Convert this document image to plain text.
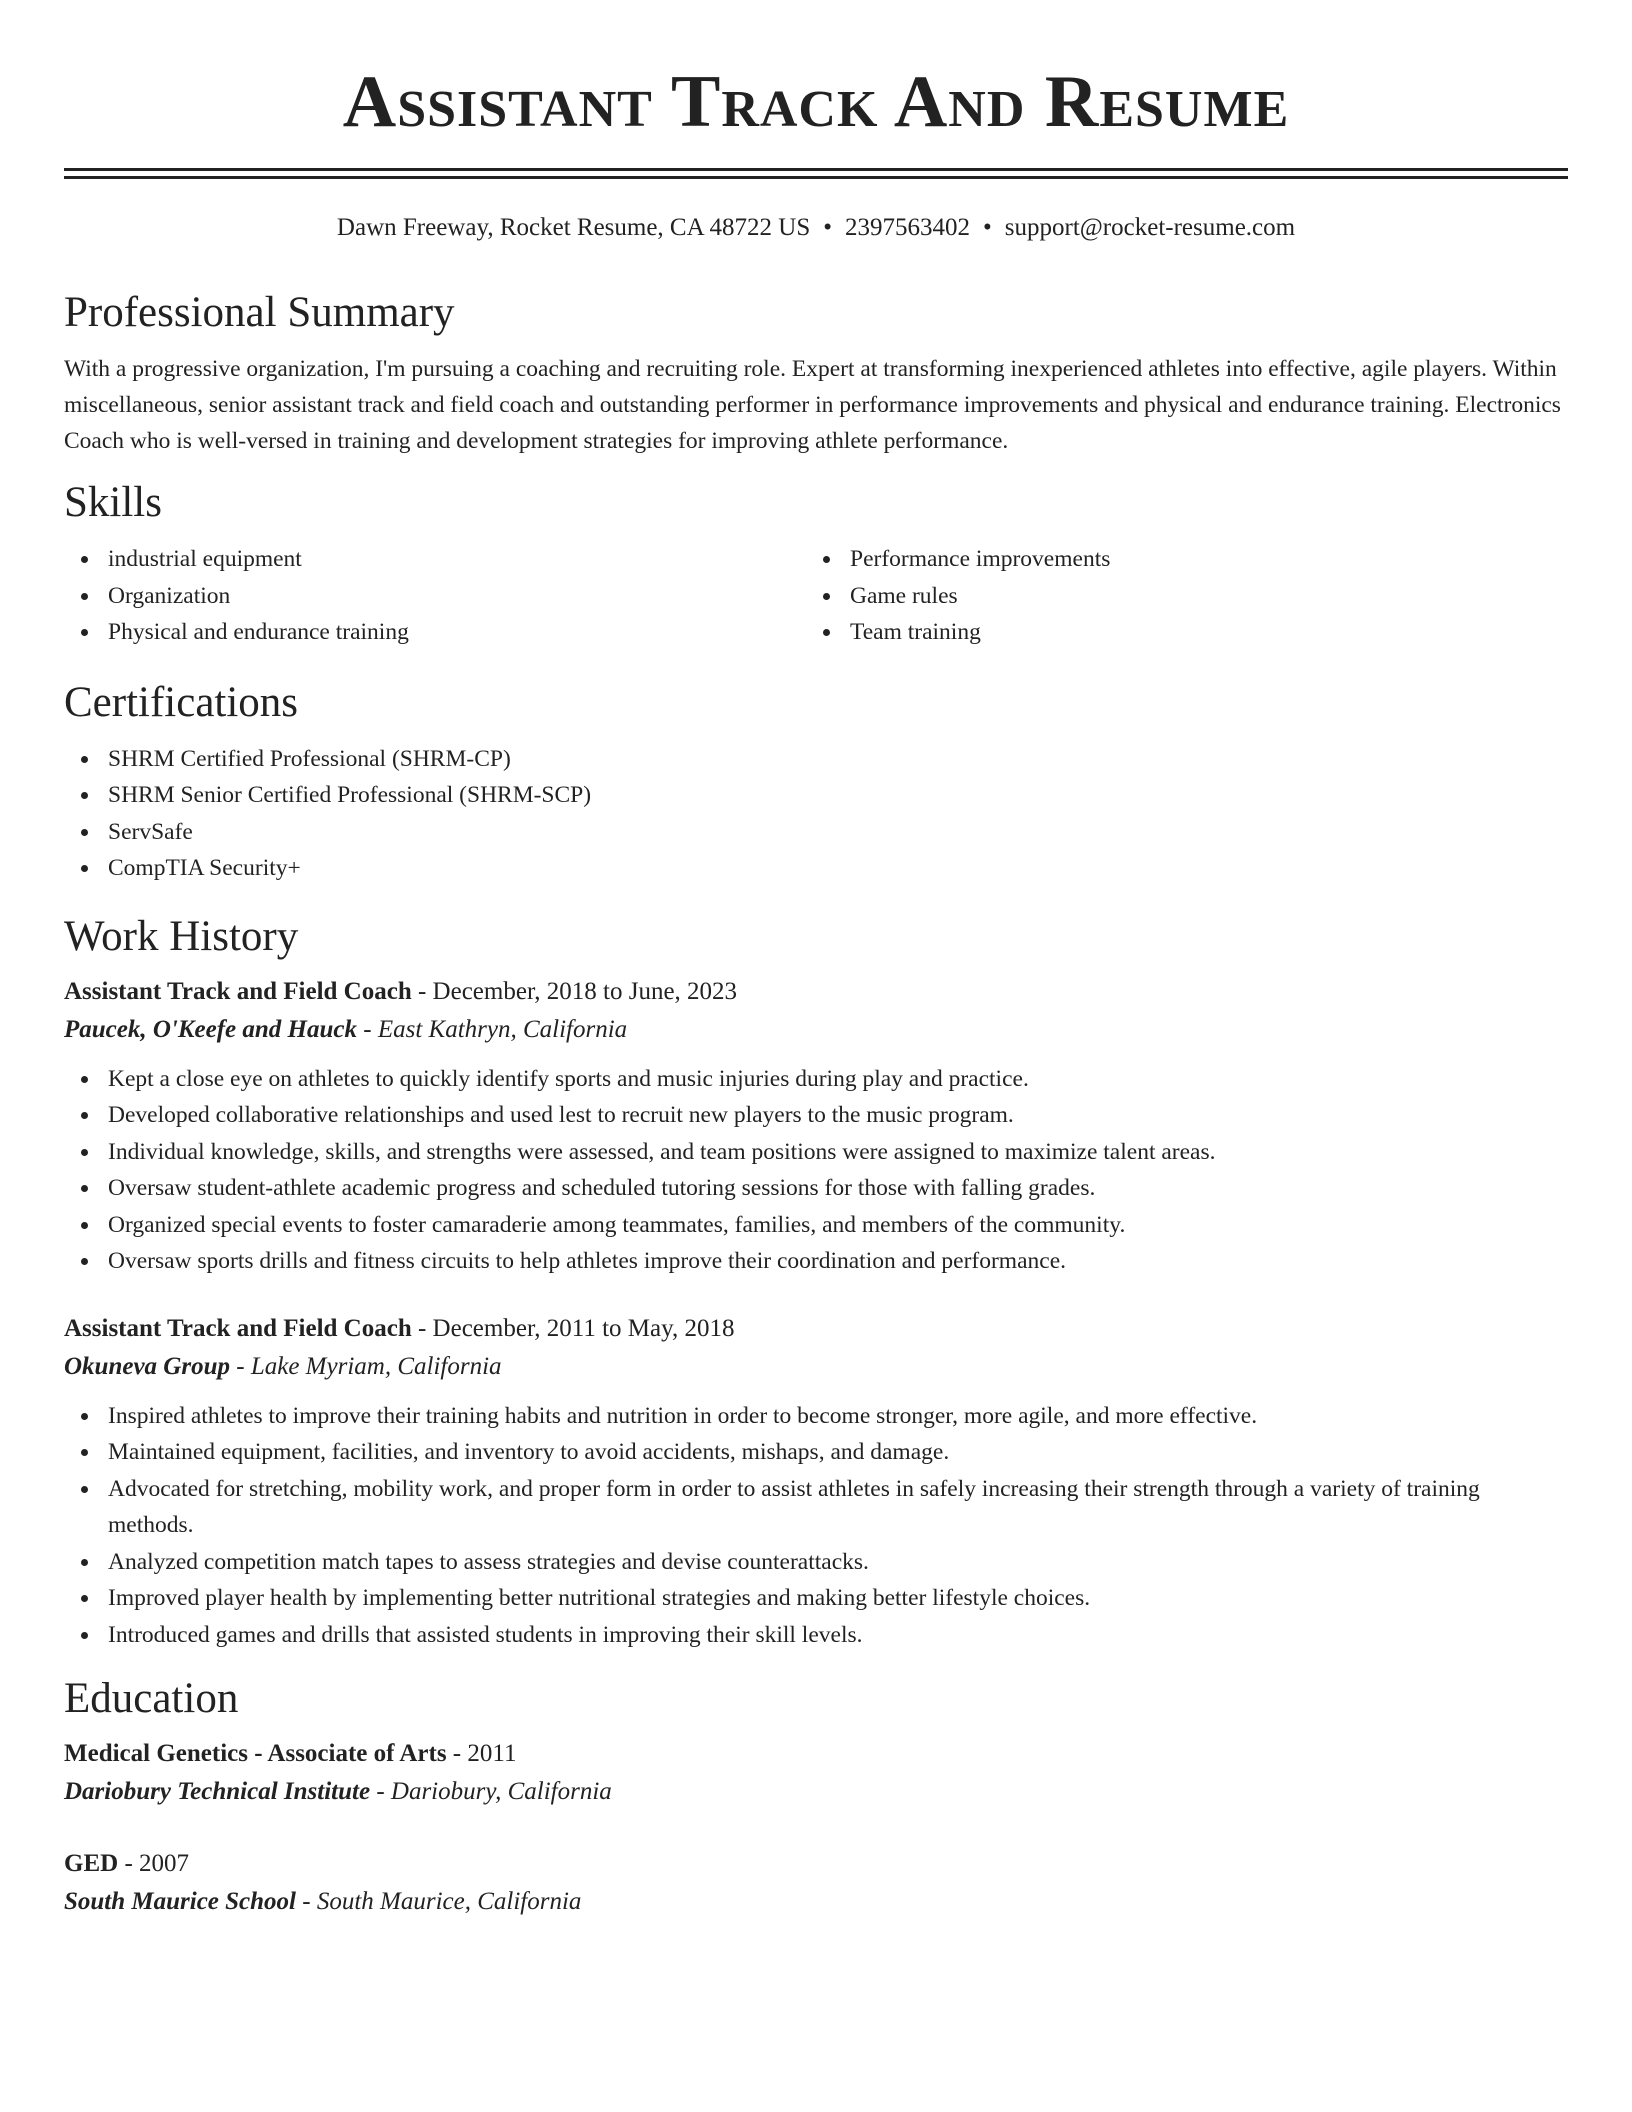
Assistant Track And Resume
Dawn Freeway, Rocket Resume, CA 48722 US • 2397563402 • support@rocket-resume.com
Professional Summary

With a progressive organization, I'm pursuing a coaching and recruiting role. Expert at transforming inexperienced athletes into effective, agile players. Within miscellaneous, senior assistant track and field coach and outstanding performer in performance improvements and physical and endurance training. Electronics Coach who is well-versed in training and development strategies for improving athlete performance.

Skills
industrial equipment
Organization
Physical and endurance training
Performance improvements
Game rules
Team training
Certifications
SHRM Certified Professional (SHRM-CP)
SHRM Senior Certified Professional (SHRM-SCP)
ServSafe
CompTIA Security+
Work History
Assistant Track and Field Coach - December, 2018 to June, 2023
Paucek, O'Keefe and Hauck - East Kathryn, California
Kept a close eye on athletes to quickly identify sports and music injuries during play and practice.
Developed collaborative relationships and used lest to recruit new players to the music program.
Individual knowledge, skills, and strengths were assessed, and team positions were assigned to maximize talent areas.
Oversaw student-athlete academic progress and scheduled tutoring sessions for those with falling grades.
Organized special events to foster camaraderie among teammates, families, and members of the community.
Oversaw sports drills and fitness circuits to help athletes improve their coordination and performance.
Assistant Track and Field Coach - December, 2011 to May, 2018
Okuneva Group - Lake Myriam, California
Inspired athletes to improve their training habits and nutrition in order to become stronger, more agile, and more effective.
Maintained equipment, facilities, and inventory to avoid accidents, mishaps, and damage.
Advocated for stretching, mobility work, and proper form in order to assist athletes in safely increasing their strength through a variety of training methods.
Analyzed competition match tapes to assess strategies and devise counterattacks.
Improved player health by implementing better nutritional strategies and making better lifestyle choices.
Introduced games and drills that assisted students in improving their skill levels.
Education
Medical Genetics - Associate of Arts - 2011
Dariobury Technical Institute - Dariobury, California
GED - 2007
South Maurice School - South Maurice, California
